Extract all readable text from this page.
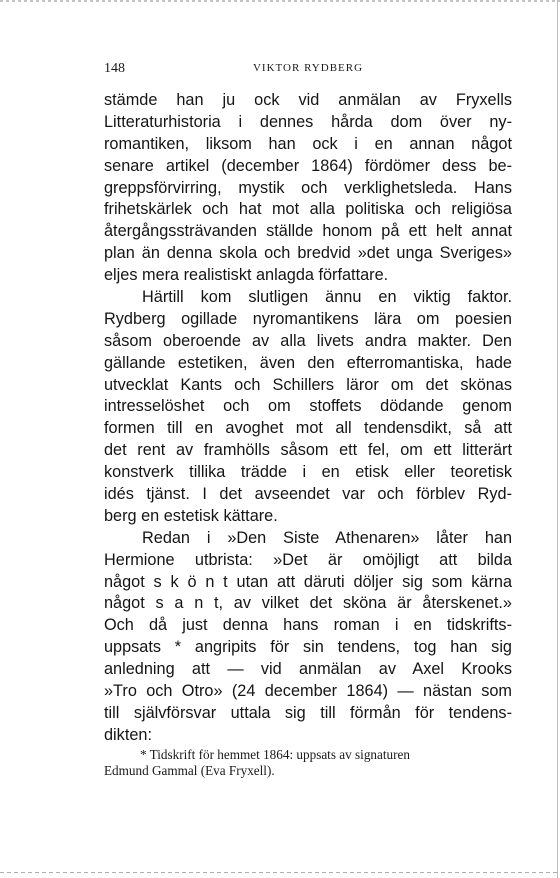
148	VIKTOR RYDBERG
stämde han ju ock vid anmälan av Fryxells
Litteraturhistoria i dennes hårda dom över ny-
romantiken, liksom han ock i en annan något
senare artikel (december 1864) fördömer dess be-
greppsförvirring, mystik och verklighetsleda. Hans
frihetskärlek och hat mot alla politiska och religiösa
återgångssträvanden ställde honom på ett helt annat
plan än denna skola och bredvid »det unga Sveriges»
eljes mera realistiskt anlagda författare.
Härtill kom slutligen ännu en viktig faktor.
Rydberg ogillade nyromantikens lära om poesien
såsom oberoende av alla livets andra makter. Den
gällande estetiken, även den efterromantiska, hade
utvecklat Kants och Schillers läror om det skönas
intresselöshet och om stoffets dödande genom
formen till en avoghet mot all tendensdikt, så att
det rent av framhölls såsom ett fel, om ett litterärt
konstverk tillika trädde i en etisk eller teoretisk
idés tjänst. I det avseendet var och förblev Ryd-
berg en estetisk kättare.
Redan i »Den Siste Athenaren» låter han
Hermione utbrista: »Det är omöjligt att bilda
något s k ö n t utan att däruti döljer sig som kärna
något s a n t, av vilket det sköna är återskenet.»
Och då just denna hans roman i en tidskrifts-
uppsats * angripits för sin tendens, tog han sig
anledning att — vid anmälan av Axel Krooks
»Tro och Otro» (24 december 1864) — nästan som
till självförsvar uttala sig till förmån för tendens-
dikten:
* Tidskrift för hemmet 1864: uppsats av signaturen
Edmund Gammal (Eva Fryxell).
